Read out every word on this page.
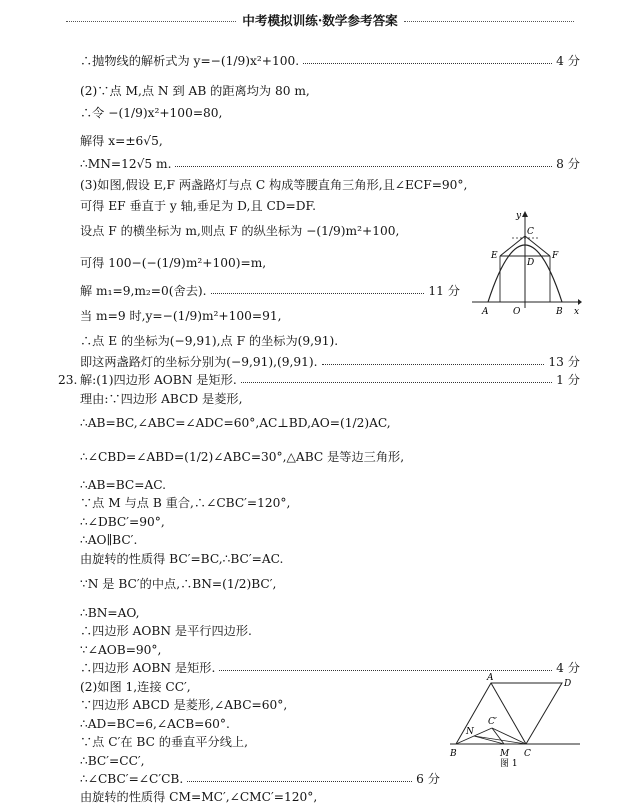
中考模拟训练·数学参考答案
∴抛物线的解析式为 y=−(1/9)x²+100.	4 分
(2)∵点 M,点 N 到 AB 的距离均为 80 m,
∴令 −(1/9)x²+100=80,
解得 x=±6√5,
∴MN=12√5 m.	8 分
(3)如图,假设 E,F 两盏路灯与点 C 构成等腰直角三角形,且∠ECF=90°,
可得 EF 垂直于 y 轴,垂足为 D,且 CD=DF.
设点 F 的横坐标为 m,则点 F 的纵坐标为 −(1/9)m²+100,
可得 100−(−(1/9)m²+100)=m,
解 m₁=9,m₂=0(舍去).	11 分
当 m=9 时,y=−(1/9)m²+100=91,
∴点 E 的坐标为(−9,91),点 F 的坐标为(9,91).
即这两盏路灯的坐标分别为(−9,91),(9,91).	13 分
23. 解:(1)四边形 AOBN 是矩形.	1 分
理由:∵四边形 ABCD 是菱形,
∴AB=BC,∠ABC=∠ADC=60°,AC⊥BD,AO=(1/2)AC,
∴∠CBD=∠ABD=(1/2)∠ABC=30°,△ABC 是等边三角形,
∴AB=BC=AC.
∵点 M 与点 B 重合,∴∠CBC′=120°,
∴∠DBC′=90°,
∴AO∥BC′.
由旋转的性质得 BC′=BC,∴BC′=AC.
∵N 是 BC′的中点,∴BN=(1/2)BC′,
∴BN=AO,
∴四边形 AOBN 是平行四边形.
∵∠AOB=90°,
∴四边形 AOBN 是矩形.	4 分
(2)如图 1,连接 CC′,
∵四边形 ABCD 是菱形,∠ABC=60°,
∴AD=BC=6,∠ACB=60°.
∵点 C′在 BC 的垂直平分线上,
∴BC′=CC′,
∴∠CBC′=∠C′CB.	6 分
由旋转的性质得 CM=MC′,∠CMC′=120°,
y
x
C
E
D
F
A	O	B
A
D
C′
N
B	M C
图 1
